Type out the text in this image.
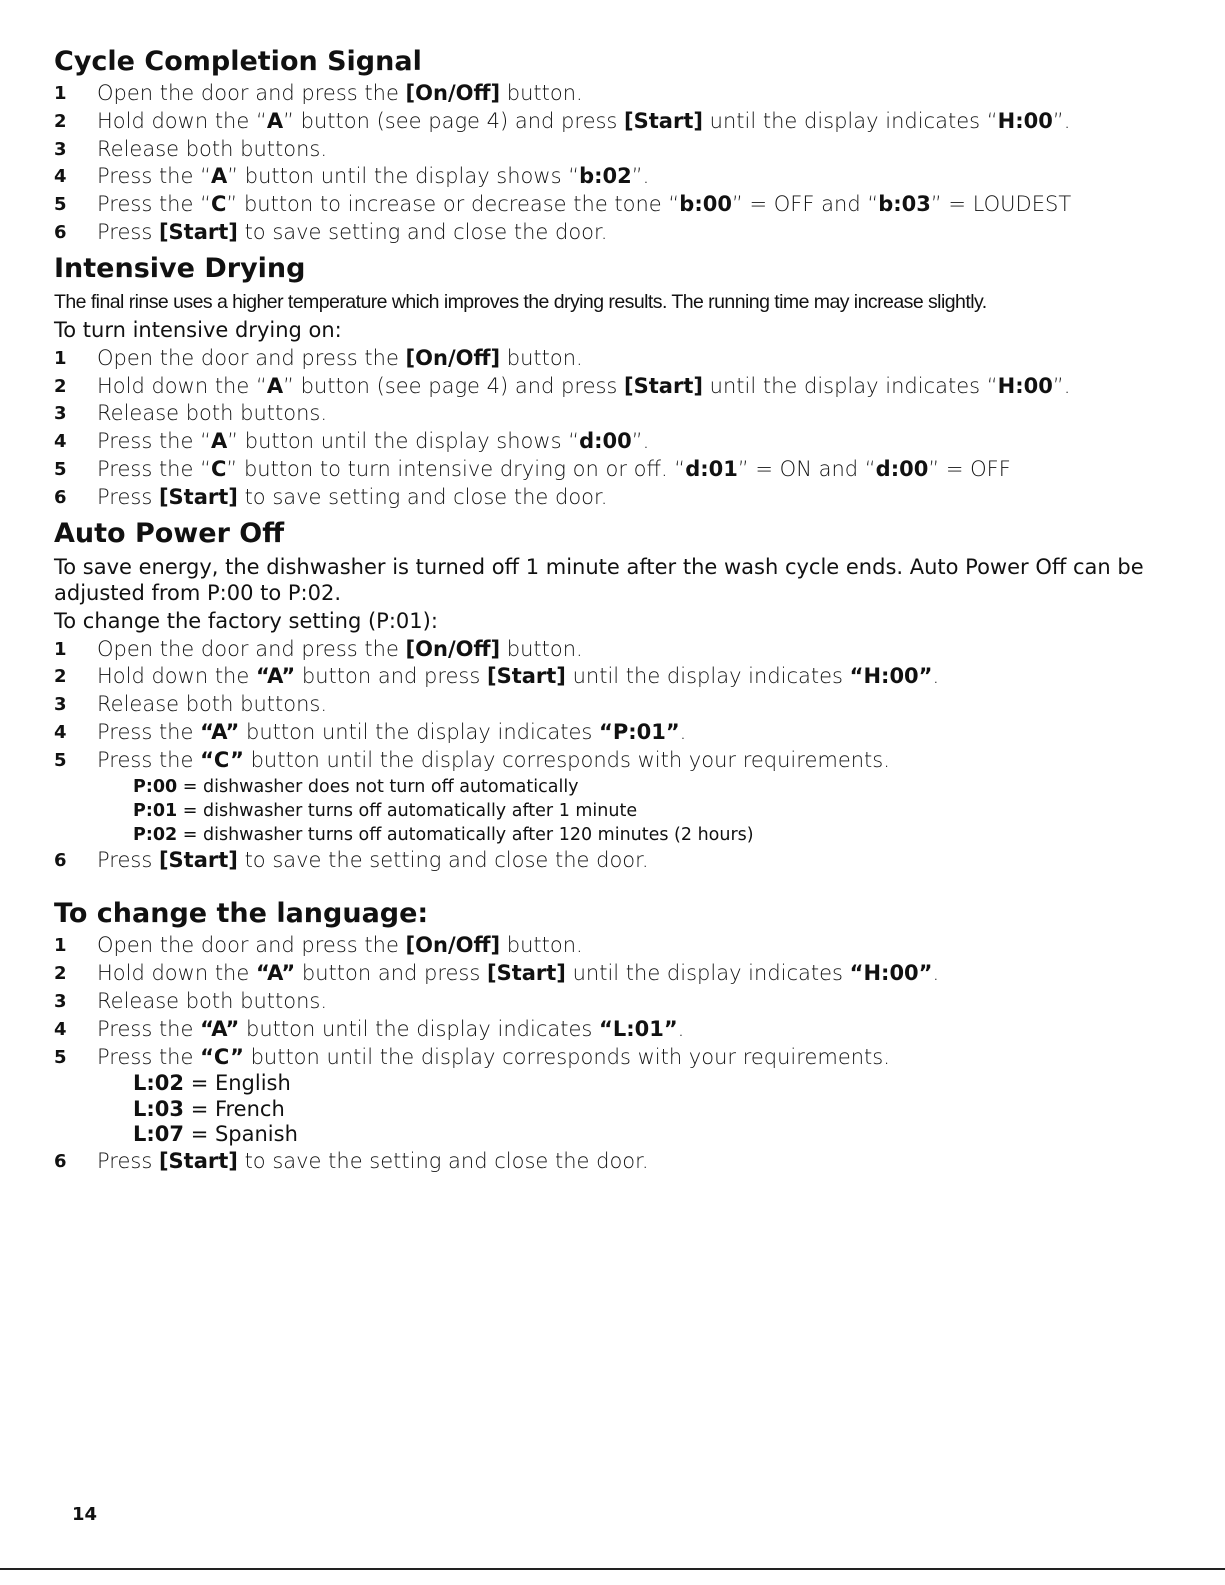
Cycle Completion Signal
1	Open the door and press the [On/Off] button.
2	Hold down the “A” button (see page 4) and press [Start] until the display indicates “H:00”.
3	Release both buttons.
4	Press the “A” button until the display shows “b:02”.
5	Press the “C” button to increase or decrease the tone “b:00” = OFF and “b:03” = LOUDEST
6	Press [Start] to save setting and close the door.
Intensive Drying
The final rinse uses a higher temperature which improves the drying results. The running time may increase slightly.
To turn intensive drying on:
1	Open the door and press the [On/Off] button.
2	Hold down the “A” button (see page 4) and press [Start] until the display indicates “H:00”.
3	Release both buttons.
4	Press the “A” button until the display shows “d:00”.
5	Press the “C” button to turn intensive drying on or off. “d:01” = ON and “d:00” = OFF
6	Press [Start] to save setting and close the door.
Auto Power Off
To save energy, the dishwasher is turned off 1 minute after the wash cycle ends. Auto Power Off can be
adjusted from P:00 to P:02.
To change the factory setting (P:01):
1	Open the door and press the [On/Off] button.
2	Hold down the “A” button and press [Start] until the display indicates “H:00”.
3	Release both buttons.
4	Press the “A” button until the display indicates “P:01”.
5	Press the “C” button until the display corresponds with your requirements.
P:00 = dishwasher does not turn off automatically
P:01 = dishwasher turns off automatically after 1 minute
P:02 = dishwasher turns off automatically after 120 minutes (2 hours)
6	Press [Start] to save the setting and close the door.
To change the language:
1	Open the door and press the [On/Off] button.
2	Hold down the “A” button and press [Start] until the display indicates “H:00”.
3	Release both buttons.
4	Press the “A” button until the display indicates “L:01”.
5	Press the “C” button until the display corresponds with your requirements.
L:02 = English
L:03 = French
L:07 = Spanish
6	Press [Start] to save the setting and close the door.
14
